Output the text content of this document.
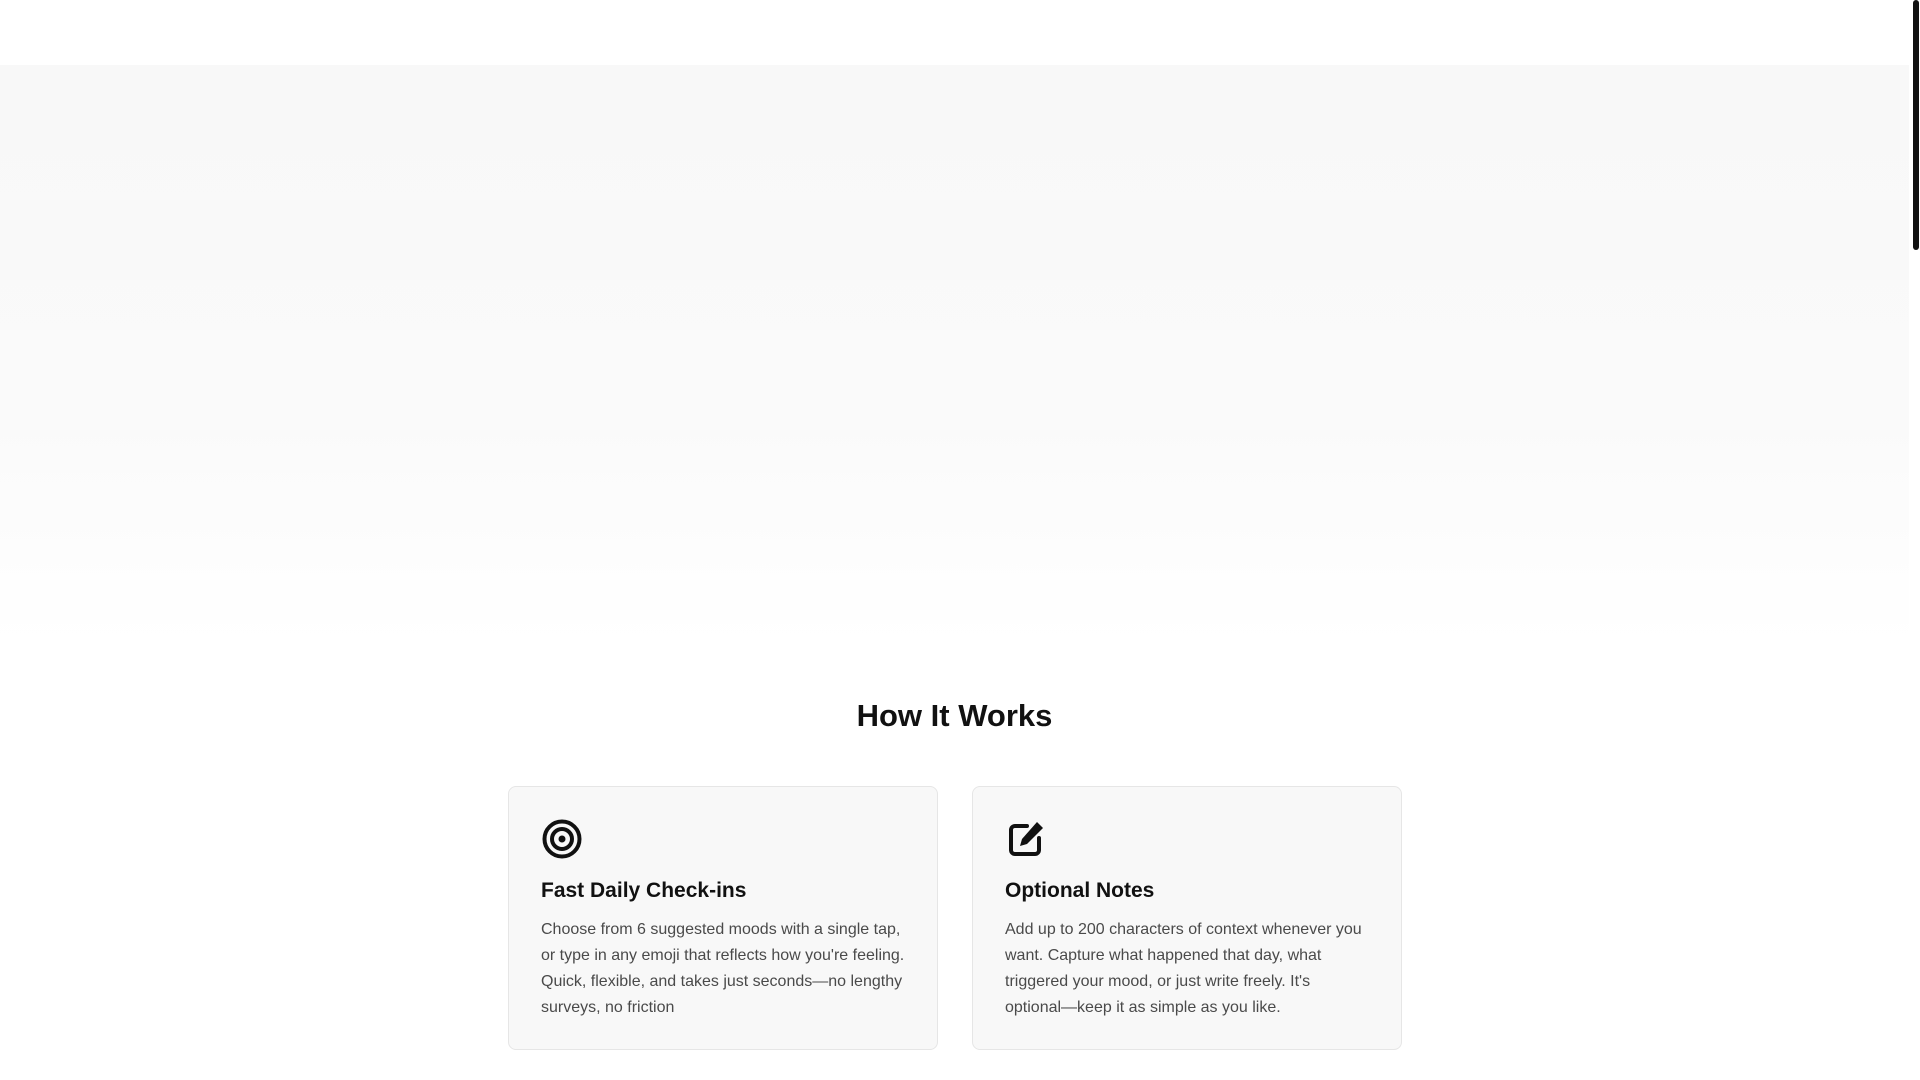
How It Works
Fast Daily Check-ins

Choose from 6 suggested moods with a single tap, or type in any emoji that reflects how you're feeling. Quick, flexible, and takes just seconds—no lengthy surveys, no friction

Optional Notes

Add up to 200 characters of context whenever you want. Capture what happened that day, what triggered your mood, or just write freely. It's optional—keep it as simple as you like.
